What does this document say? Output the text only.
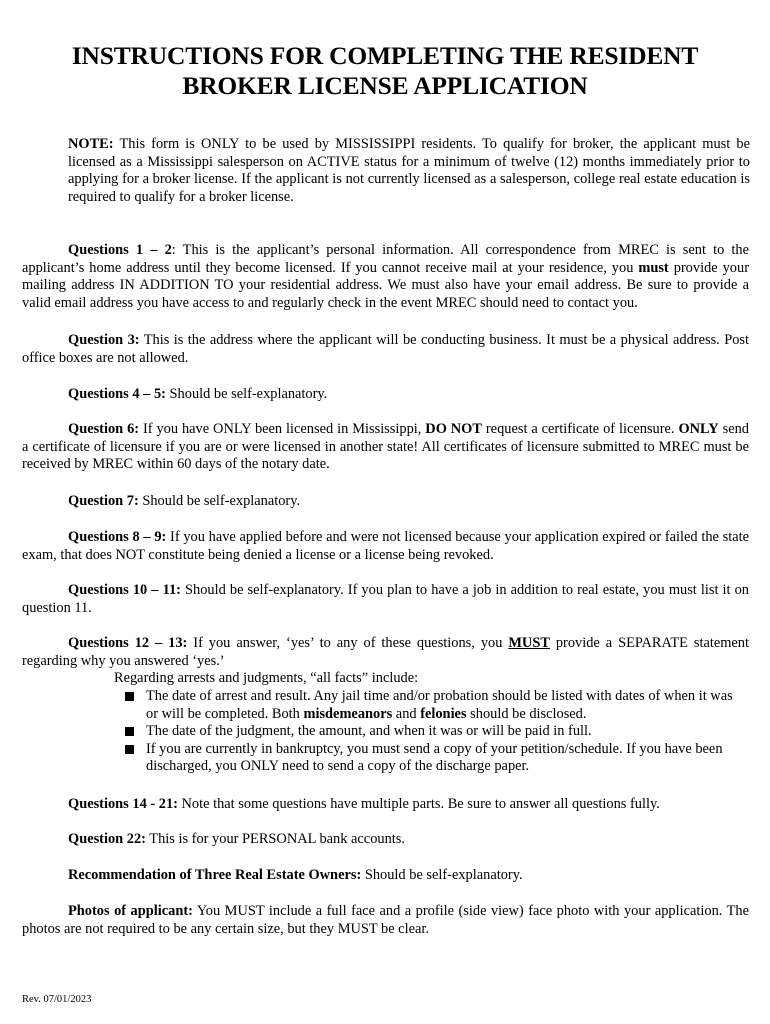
INSTRUCTIONS FOR COMPLETING THE RESIDENT
BROKER LICENSE APPLICATION
NOTE: This form is ONLY to be used by MISSISSIPPI residents. To qualify for broker, the applicant must be licensed as a Mississippi salesperson on ACTIVE status for a minimum of twelve (12) months immediately prior to applying for a broker license. If the applicant is not currently licensed as a salesperson, college real estate education is required to qualify for a broker license.
Questions 1 – 2: This is the applicant’s personal information. All correspondence from MREC is sent to the applicant’s home address until they become licensed. If you cannot receive mail at your residence, you must provide your mailing address IN ADDITION TO your residential address. We must also have your email address. Be sure to provide a valid email address you have access to and regularly check in the event MREC should need to contact you.
Question 3: This is the address where the applicant will be conducting business. It must be a physical address. Post office boxes are not allowed.
Questions 4 – 5: Should be self-explanatory.
Question 6: If you have ONLY been licensed in Mississippi, DO NOT request a certificate of licensure. ONLY send a certificate of licensure if you are or were licensed in another state! All certificates of licensure submitted to MREC must be received by MREC within 60 days of the notary date.
Question 7: Should be self-explanatory.
Questions 8 – 9: If you have applied before and were not licensed because your application expired or failed the state exam, that does NOT constitute being denied a license or a license being revoked.
Questions 10 – 11: Should be self-explanatory. If you plan to have a job in addition to real estate, you must list it on question 11.
Questions 12 – 13: If you answer, ‘yes’ to any of these questions, you MUST provide a SEPARATE statement regarding why you answered ‘yes.’
Regarding arrests and judgments, “all facts” include:
The date of arrest and result. Any jail time and/or probation should be listed with dates of when it was or will be completed. Both misdemeanors and felonies should be disclosed.
The date of the judgment, the amount, and when it was or will be paid in full.
If you are currently in bankruptcy, you must send a copy of your petition/schedule. If you have been discharged, you ONLY need to send a copy of the discharge paper.
Questions 14 - 21: Note that some questions have multiple parts. Be sure to answer all questions fully.
Question 22: This is for your PERSONAL bank accounts.
Recommendation of Three Real Estate Owners: Should be self-explanatory.
Photos of applicant: You MUST include a full face and a profile (side view) face photo with your application. The photos are not required to be any certain size, but they MUST be clear.
Rev. 07/01/2023
